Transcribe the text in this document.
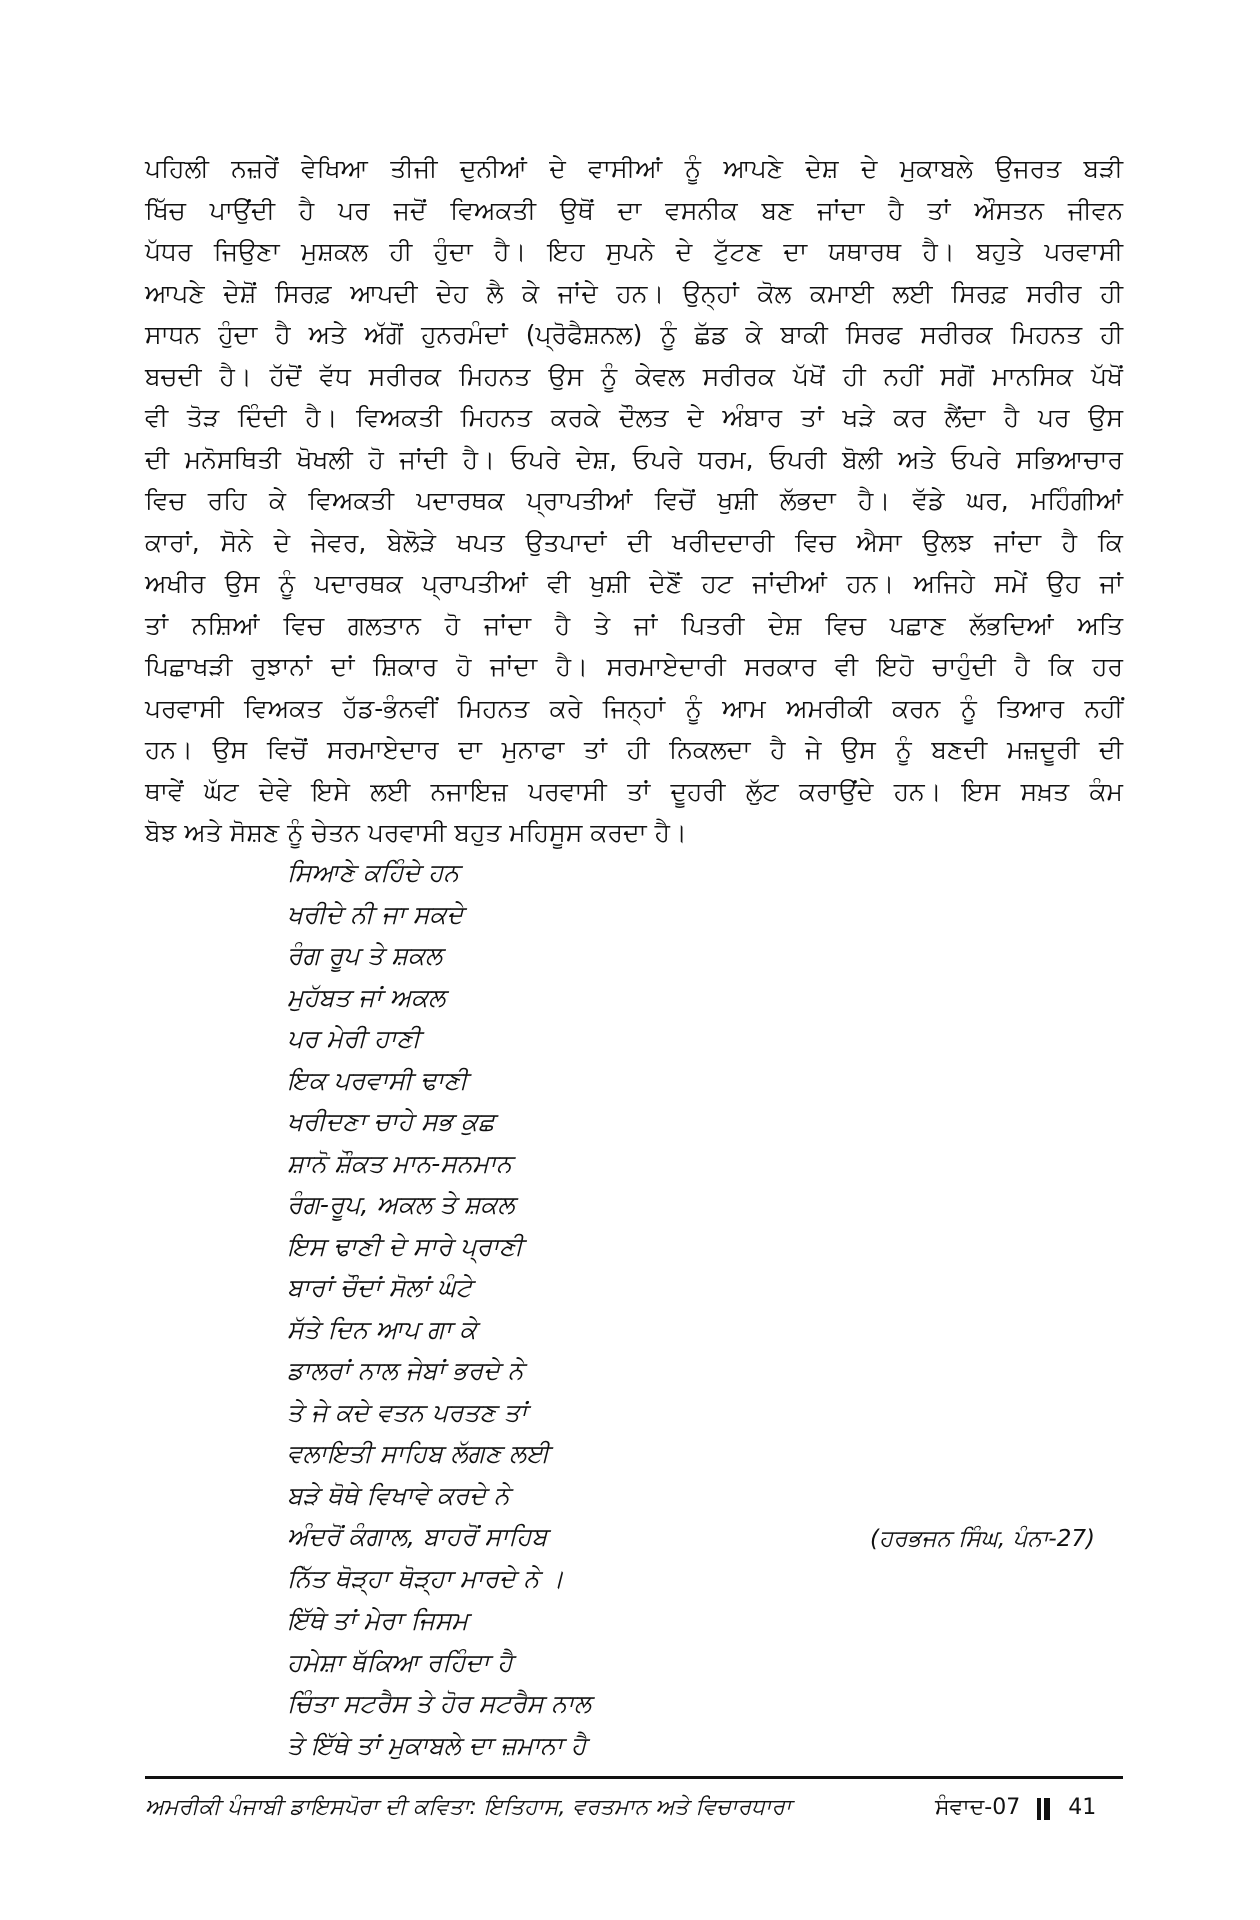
ਪਹਿਲੀ ਨਜ਼ਰੇਂ ਵੇਖਿਆ ਤੀਜੀ ਦੁਨੀਆਂ ਦੇ ਵਾਸੀਆਂ ਨੂੰ ਆਪਣੇ ਦੇਸ਼ ਦੇ ਮੁਕਾਬਲੇ ਉਜਰਤ ਬੜੀ
ਖਿੱਚ ਪਾਉਂਦੀ ਹੈ ਪਰ ਜਦੋਂ ਵਿਅਕਤੀ ਉਥੋਂ ਦਾ ਵਸਨੀਕ ਬਣ ਜਾਂਦਾ ਹੈ ਤਾਂ ਔਸਤਨ ਜੀਵਨ
ਪੱਧਰ ਜਿਉਣਾ ਮੁਸ਼ਕਲ ਹੀ ਹੁੰਦਾ ਹੈ। ਇਹ ਸੁਪਨੇ ਦੇ ਟੁੱਟਣ ਦਾ ਯਥਾਰਥ ਹੈ। ਬਹੁਤੇ ਪਰਵਾਸੀ
ਆਪਣੇ ਦੇਸ਼ੋਂ ਸਿਰਫ਼ ਆਪਦੀ ਦੇਹ ਲੈ ਕੇ ਜਾਂਦੇ ਹਨ। ਉਨ੍ਹਾਂ ਕੋਲ ਕਮਾਈ ਲਈ ਸਿਰਫ਼ ਸਰੀਰ ਹੀ
ਸਾਧਨ ਹੁੰਦਾ ਹੈ ਅਤੇ ਅੱਗੋਂ ਹੁਨਰਮੰਦਾਂ (ਪ੍ਰੋਫੈਸ਼ਨਲ) ਨੂੰ ਛੱਡ ਕੇ ਬਾਕੀ ਸਿਰਫ ਸਰੀਰਕ ਮਿਹਨਤ ਹੀ
ਬਚਦੀ ਹੈ। ਹੱਦੋਂ ਵੱਧ ਸਰੀਰਕ ਮਿਹਨਤ ਉਸ ਨੂੰ ਕੇਵਲ ਸਰੀਰਕ ਪੱਖੋਂ ਹੀ ਨਹੀਂ ਸਗੋਂ ਮਾਨਸਿਕ ਪੱਖੋਂ
ਵੀ ਤੋੜ ਦਿੰਦੀ ਹੈ। ਵਿਅਕਤੀ ਮਿਹਨਤ ਕਰਕੇ ਦੌਲਤ ਦੇ ਅੰਬਾਰ ਤਾਂ ਖੜੇ ਕਰ ਲੈਂਦਾ ਹੈ ਪਰ ਉਸ
ਦੀ ਮਨੋਸਥਿਤੀ ਖੋਖਲੀ ਹੋ ਜਾਂਦੀ ਹੈ। ਓਪਰੇ ਦੇਸ਼, ਓਪਰੇ ਧਰਮ, ਓਪਰੀ ਬੋਲੀ ਅਤੇ ਓਪਰੇ ਸਭਿਆਚਾਰ
ਵਿਚ ਰਹਿ ਕੇ ਵਿਅਕਤੀ ਪਦਾਰਥਕ ਪ੍ਰਾਪਤੀਆਂ ਵਿਚੋਂ ਖੁਸ਼ੀ ਲੱਭਦਾ ਹੈ। ਵੱਡੇ ਘਰ, ਮਹਿੰਗੀਆਂ
ਕਾਰਾਂ, ਸੋਨੇ ਦੇ ਜੇਵਰ, ਬੇਲੋੜੇ ਖਪਤ ਉਤਪਾਦਾਂ ਦੀ ਖਰੀਦਦਾਰੀ ਵਿਚ ਐਸਾ ਉਲਝ ਜਾਂਦਾ ਹੈ ਕਿ
ਅਖੀਰ ਉਸ ਨੂੰ ਪਦਾਰਥਕ ਪ੍ਰਾਪਤੀਆਂ ਵੀ ਖੁਸ਼ੀ ਦੇਣੋਂ ਹਟ ਜਾਂਦੀਆਂ ਹਨ। ਅਜਿਹੇ ਸਮੇਂ ਉਹ ਜਾਂ
ਤਾਂ ਨਸ਼ਿਆਂ ਵਿਚ ਗਲਤਾਨ ਹੋ ਜਾਂਦਾ ਹੈ ਤੇ ਜਾਂ ਪਿਤਰੀ ਦੇਸ਼ ਵਿਚ ਪਛਾਣ ਲੱਭਦਿਆਂ ਅਤਿ
ਪਿਛਾਖੜੀ ਰੁਝਾਨਾਂ ਦਾਂ ਸ਼ਿਕਾਰ ਹੋ ਜਾਂਦਾ ਹੈ। ਸਰਮਾਏਦਾਰੀ ਸਰਕਾਰ ਵੀ ਇਹੋ ਚਾਹੁੰਦੀ ਹੈ ਕਿ ਹਰ
ਪਰਵਾਸੀ ਵਿਅਕਤ ਹੱਡ-ਭੰਨਵੀਂ ਮਿਹਨਤ ਕਰੇ ਜਿਨ੍ਹਾਂ ਨੂੰ ਆਮ ਅਮਰੀਕੀ ਕਰਨ ਨੂੰ ਤਿਆਰ ਨਹੀਂ
ਹਨ। ਉਸ ਵਿਚੋਂ ਸਰਮਾਏਦਾਰ ਦਾ ਮੁਨਾਫਾ ਤਾਂ ਹੀ ਨਿਕਲਦਾ ਹੈ ਜੇ ਉਸ ਨੂੰ ਬਣਦੀ ਮਜ਼ਦੂਰੀ ਦੀ
ਥਾਵੇਂ ਘੱਟ ਦੇਵੇ ਇਸੇ ਲਈ ਨਜਾਇਜ਼ ਪਰਵਾਸੀ ਤਾਂ ਦੂਹਰੀ ਲੁੱਟ ਕਰਾਉਂਦੇ ਹਨ। ਇਸ ਸਖ਼ਤ ਕੰਮ
ਬੋਝ ਅਤੇ ਸੋਸ਼ਣ ਨੂੰ ਚੇਤਨ ਪਰਵਾਸੀ ਬਹੁਤ ਮਹਿਸੂਸ ਕਰਦਾ ਹੈ।
ਸਿਆਣੇ ਕਹਿੰਦੇ ਹਨ
ਖਰੀਦੇ ਨੀ ਜਾ ਸਕਦੇ
ਰੰਗ ਰੂਪ ਤੇ ਸ਼ਕਲ
ਮੁਹੱਬਤ ਜਾਂ ਅਕਲ
ਪਰ ਮੇਰੀ ਹਾਣੀ
ਇਕ ਪਰਵਾਸੀ ਢਾਣੀ
ਖਰੀਦਣਾ ਚਾਹੇ ਸਭ ਕੁਛ
ਸ਼ਾਨੋ ਸ਼ੌਕਤ ਮਾਨ-ਸਨਮਾਨ
ਰੰਗ-ਰੂਪ, ਅਕਲ ਤੇ ਸ਼ਕਲ
ਇਸ ਢਾਣੀ ਦੇ ਸਾਰੇ ਪ੍ਰਾਣੀ
ਬਾਰਾਂ ਚੌਦਾਂ ਸੋਲਾਂ ਘੰਟੇ
ਸੱਤੇ ਦਿਨ ਆਪ ਗਾ ਕੇ
ਡਾਲਰਾਂ ਨਾਲ ਜੇਬਾਂ ਭਰਦੇ ਨੇ
ਤੇ ਜੇ ਕਦੇ ਵਤਨ ਪਰਤਣ ਤਾਂ
ਵਲਾਇਤੀ ਸਾਹਿਬ ਲੱਗਣ ਲਈ
ਬੜੇ ਥੋਥੇ ਵਿਖਾਵੇ ਕਰਦੇ ਨੇ
ਅੰਦਰੋਂ ਕੰਗਾਲ, ਬਾਹਰੋਂ ਸਾਹਿਬ
ਨਿੱਤ ਥੋੜ੍ਹਾ ਥੋੜ੍ਹਾ ਮਾਰਦੇ ਨੇ ।
(ਹਰਭਜਨ ਸਿੰਘ, ਪੰਨਾ-27)
ਇੱਥੇ ਤਾਂ ਮੇਰਾ ਜਿਸਮ
ਹਮੇਸ਼ਾ ਥੱਕਿਆ ਰਹਿੰਦਾ ਹੈ
ਚਿੰਤਾ ਸਟਰੈਸ ਤੇ ਹੋਰ ਸਟਰੈਸ ਨਾਲ
ਤੇ ਇੱਥੇ ਤਾਂ ਮੁਕਾਬਲੇ ਦਾ ਜ਼ਮਾਨਾ ਹੈ
ਅਮਰੀਕੀ ਪੰਜਾਬੀ ਡਾਇਸਪੋਰਾ ਦੀ ਕਵਿਤਾ: ਇਤਿਹਾਸ, ਵਰਤਮਾਨ ਅਤੇ ਵਿਚਾਰਧਾਰਾ	ਸੰਵਾਦ-07 41
